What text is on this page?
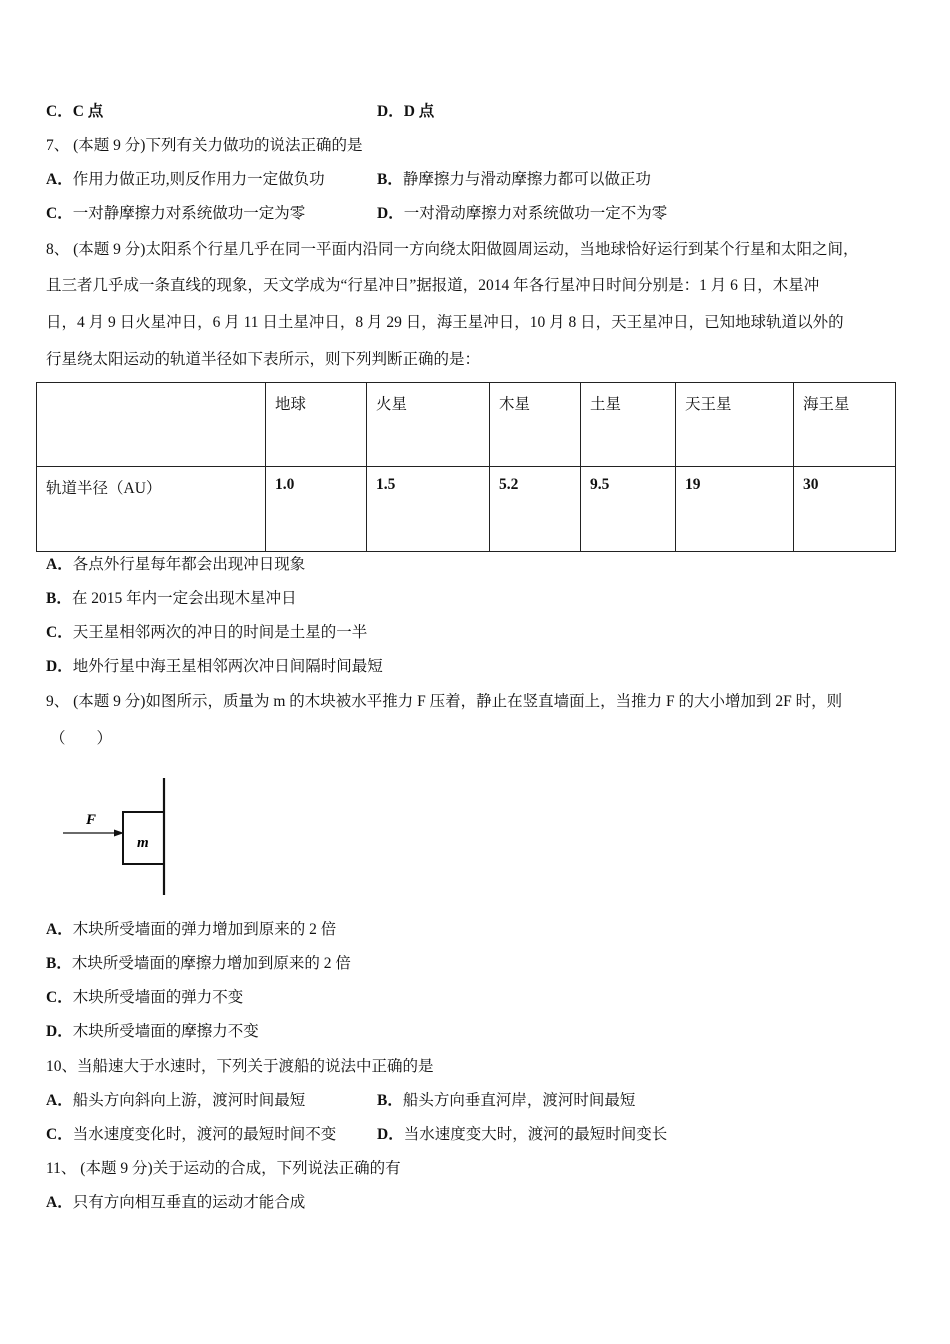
C．C 点	D．D 点
7、 (本题 9 分)下列有关力做功的说法正确的是
A．作用力做正功,则反作用力一定做负功	B．静摩擦力与滑动摩擦力都可以做正功
C．一对静摩擦力对系统做功一定为零	D．一对滑动摩擦力对系统做功一定不为零
8、 (本题 9 分)太阳系个行星几乎在同一平面内沿同一方向绕太阳做圆周运动，当地球恰好运行到某个行星和太阳之间，
且三者几乎成一条直线的现象，天文学成为“行星冲日”据报道，2014 年各行星冲日时间分别是：1 月 6 日，木星冲
日，4 月 9 日火星冲日，6 月 11 日土星冲日，8 月 29 日，海王星冲日，10 月 8 日，天王星冲日，已知地球轨道以外的
行星绕太阳运动的轨道半径如下表所示，则下列判断正确的是：
	地球	火星	木星	土星	天王星	海王星
轨道半径（AU）	1.0	1.5	5.2	9.5	19	30
A．各点外行星每年都会出现冲日现象
B．在 2015 年内一定会出现木星冲日
C．天王星相邻两次的冲日的时间是土星的一半
D．地外行星中海王星相邻两次冲日间隔时间最短
9、 (本题 9 分)如图所示，质量为 m 的木块被水平推力 F 压着，静止在竖直墙面上，当推力 F 的大小增加到 2F 时，则
（　　）
F
m
A．木块所受墙面的弹力增加到原来的 2 倍
B．木块所受墙面的摩擦力增加到原来的 2 倍
C．木块所受墙面的弹力不变
D．木块所受墙面的摩擦力不变
10、当船速大于水速时，下列关于渡船的说法中正确的是
A．船头方向斜向上游，渡河时间最短	B．船头方向垂直河岸，渡河时间最短
C．当水速度变化时，渡河的最短时间不变	D．当水速度变大时，渡河的最短时间变长
11、 (本题 9 分)关于运动的合成，下列说法正确的有
A．只有方向相互垂直的运动才能合成
